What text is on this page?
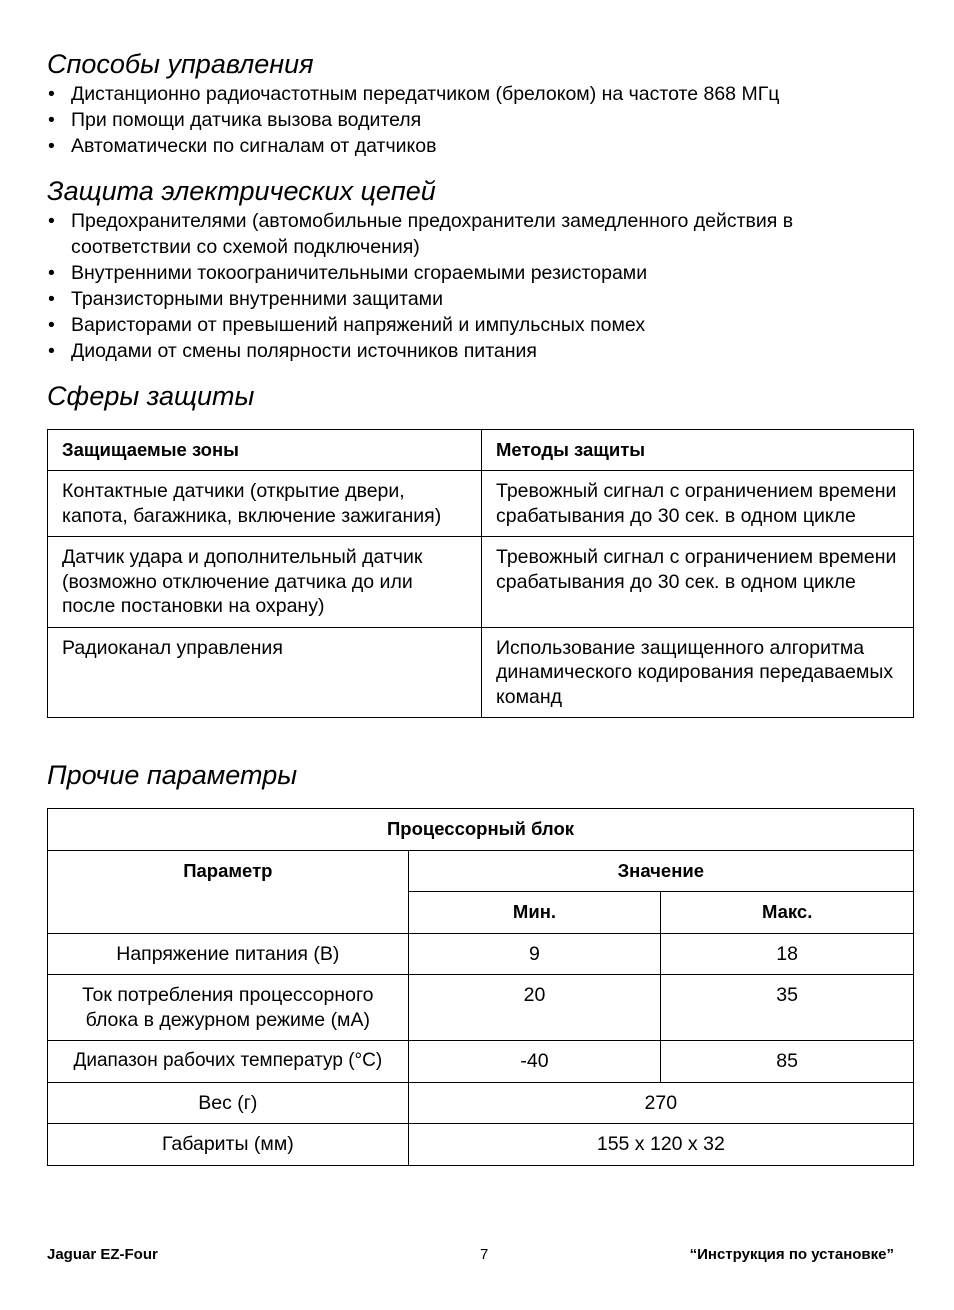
Способы управления
• Дистанционно радиочастотным передатчиком (брелоком) на частоте 868 МГц
• При помощи датчика вызова водителя
• Автоматически по сигналам от датчиков
Защита электрических цепей
• Предохранителями (автомобильные предохранители замедленного действия в соответствии со схемой подключения)
• Внутренними токоограничительными сгораемыми резисторами
• Транзисторными внутренними защитами
• Варисторами от превышений напряжений и импульсных помех
• Диодами от смены полярности источников питания
Сферы защиты
Защищаемые зоны	Методы защиты
Контактные датчики (открытие двери, капота, багажника, включение зажигания)	Тревожный сигнал с ограничением времени срабатывания до 30 сек. в одном цикле
Датчик удара и дополнительный датчик (возможно отключение датчика до или после постановки на охрану)	Тревожный сигнал с ограничением времени срабатывания до 30 сек. в одном цикле
Радиоканал управления	Использование защищенного алгоритма динамического кодирования передаваемых команд
Прочие параметры
Процессорный блок		
Параметр	Значение	
	Мин.	Макс.
Напряжение питания (В)	9	18
Ток потребления процессорного блока в дежурном режиме (мА)	20	35
Диапазон рабочих температур (°С)	-40	85
Вес (г)	270	
Габариты (мм)	155 х 120 х 32	
Jaguar EZ-Four	7	“Инструкция по установке”
